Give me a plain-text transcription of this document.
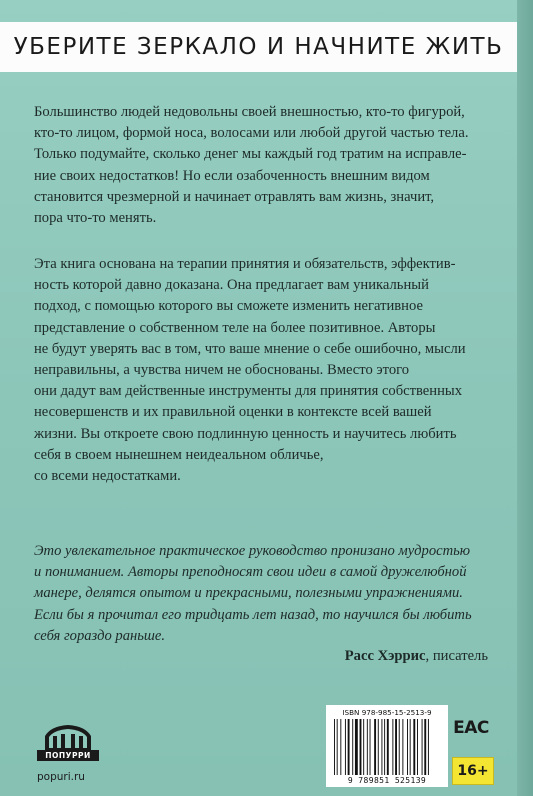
УБЕРИТЕ ЗЕРКАЛО И НАЧНИТЕ ЖИТЬ
Большинство людей недовольны своей внешностью, кто-то фигурой,
кто-то лицом, формой носа, волосами или любой другой частью тела.
Только подумайте, сколько денег мы каждый год тратим на исправле-
ние своих недостатков! Но если озабоченность внешним видом
становится чрезмерной и начинает отравлять вам жизнь, значит,
пора что-то менять.
Эта книга основана на терапии принятия и обязательств, эффектив-
ность которой давно доказана. Она предлагает вам уникальный
подход, с помощью которого вы сможете изменить негативное
представление о собственном теле на более позитивное. Авторы
не будут уверять вас в том, что ваше мнение о себе ошибочно, мысли
неправильны, а чувства ничем не обоснованы. Вместо этого
они дадут вам действенные инструменты для принятия собственных
несовершенств и их правильной оценки в контексте всей вашей
жизни. Вы откроете свою подлинную ценность и научитесь любить
себя в своем нынешнем неидеальном обличье,
со всеми недостатками.
Это увлекательное практическое руководство пронизано мудростью
и пониманием. Авторы преподносят свои идеи в самой дружелюбной
манере, делятся опытом и прекрасными, полезными упражнениями.
Если бы я прочитал его тридцать лет назад, то научился бы любить
себя гораздо раньше.
Расс Хэррис, писатель
ПОПУРРИ
popuri.ru
ISBN 978-985-15-2513-9
9 789851 525139
EAC
16+
